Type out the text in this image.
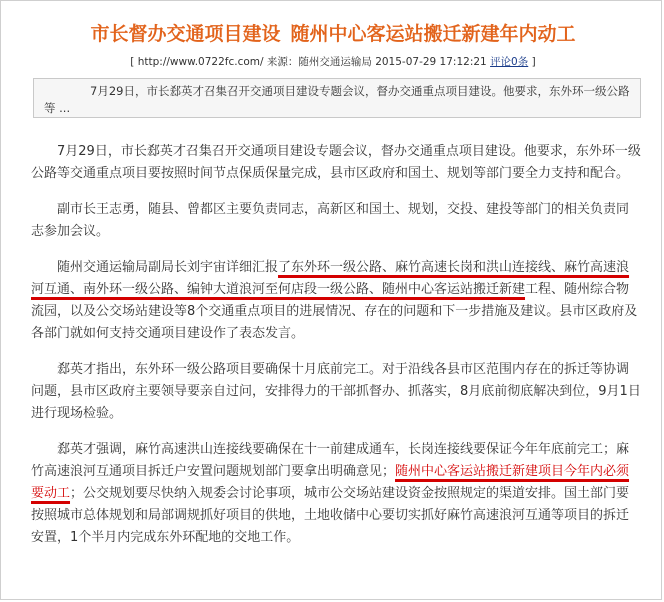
市长督办交通项目建设 随州中心客运站搬迁新建年内动工
[ http://www.0722fc.com/ 来源：随州交通运输局 2015-07-29 17:12:21 评论0条 ]

7月29日，市长郄英才召集召开交通项目建设专题会议，督办交通重点项目建设。他要求，东外环一级公路等 ...

7月29日，市长郄英才召集召开交通项目建设专题会议，督办交通重点项目建设。他要求，东外环一级公路等交通重点项目要按照时间节点保质保量完成，县市区政府和国土、规划等部门要全力支持和配合。

副市长王志勇，随县、曾都区主要负责同志，高新区和国土、规划，交投、建投等部门的相关负责同志参加会议。

随州交通运输局副局长刘宇宙详细汇报了东外环一级公路、麻竹高速长岗和洪山连接线、麻竹高速浪河互通、南外环一级公路、编钟大道浪河至何店段一级公路、随州中心客运站搬迁新建工程、随州综合物流园，以及公交场站建设等8个交通重点项目的进展情况、存在的问题和下一步措施及建议。县市区政府及各部门就如何支持交通项目建设作了表态发言。

郄英才指出，东外环一级公路项目要确保十月底前完工。对于沿线各县市区范围内存在的拆迁等协调问题，县市区政府主要领导要亲自过问，安排得力的干部抓督办、抓落实，8月底前彻底解决到位，9月1日进行现场检验。

郄英才强调，麻竹高速洪山连接线要确保在十一前建成通车，长岗连接线要保证今年年底前完工；麻竹高速浪河互通项目拆迁户安置问题规划部门要拿出明确意见；随州中心客运站搬迁新建项目今年内必须要动工；公交规划要尽快纳入规委会讨论事项，城市公交场站建设资金按照规定的渠道安排。国土部门要按照城市总体规划和局部调规抓好项目的供地，土地收储中心要切实抓好麻竹高速浪河互通等项目的拆迁安置，1个半月内完成东外环配地的交地工作。
